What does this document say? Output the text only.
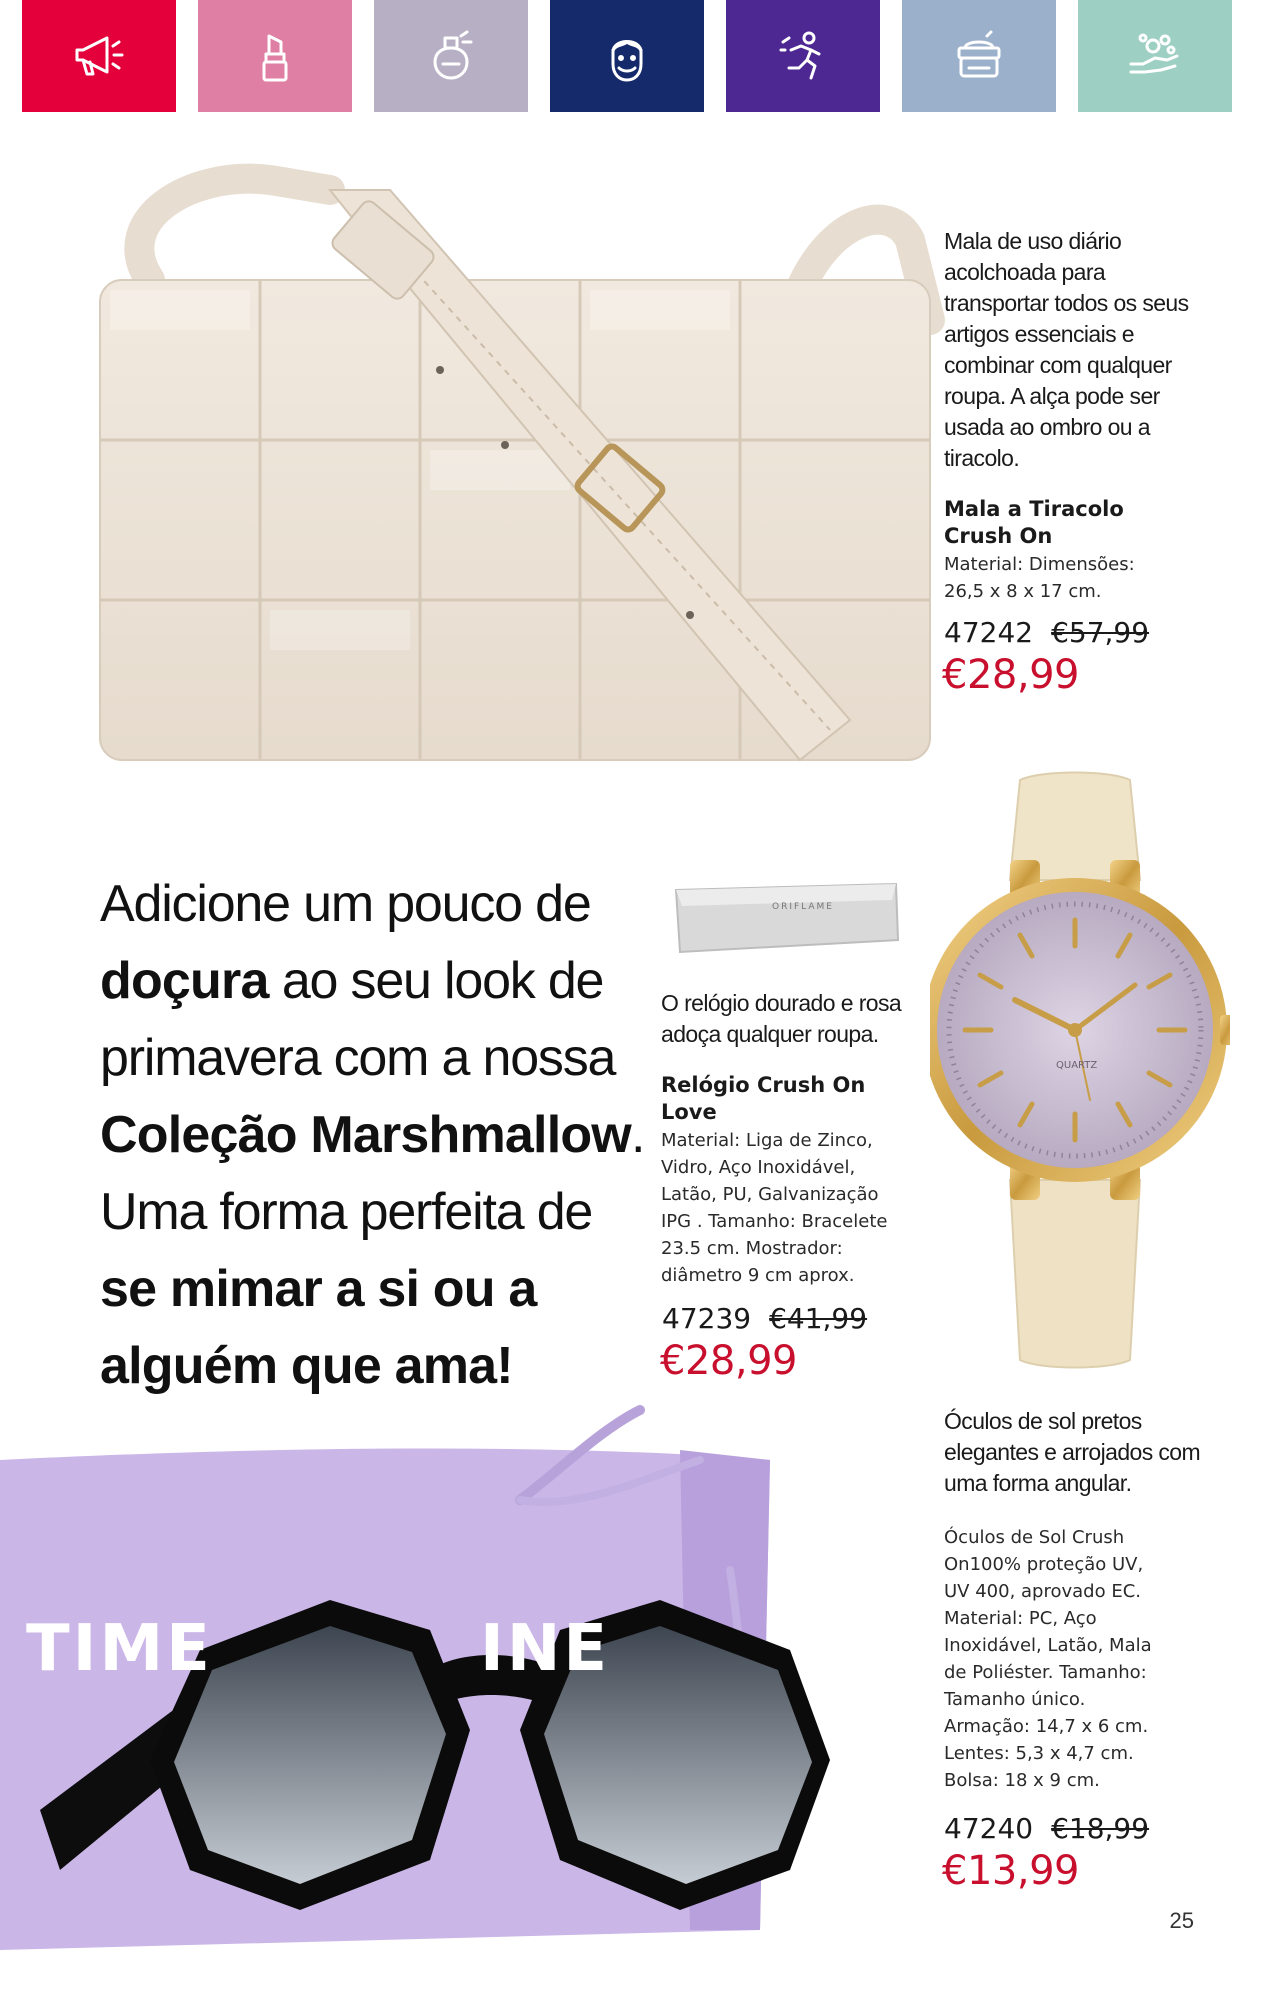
Mala de uso diário
acolchoada para
transportar todos os seus
artigos essenciais e
combinar com qualquer
roupa. A alça pode ser
usada ao ombro ou a
tiracolo.
Mala a Tiracolo
Crush On
Material: Dimensões:
26,5 x 8 x 17 cm.
47242 €57,99
€28,99
Adicione um pouco de
doçura ao seu look de
primavera com a nossa
Coleção Marshmallow.
Uma forma perfeita de
se mimar a si ou a
alguém que ama!
ORIFLAME
QUARTZ
O relógio dourado e rosa
adoça qualquer roupa.
Relógio Crush On
Love
Material: Liga de Zinco,
Vidro, Aço Inoxidável,
Latão, PU, Galvanização
IPG . Tamanho: Bracelete
23.5 cm. Mostrador:
diâmetro 9 cm aprox.
47239 €41,99
€28,99
TIME	INE
Óculos de sol pretos
elegantes e arrojados com
uma forma angular.
Óculos de Sol Crush
On100% proteção UV,
UV 400, aprovado EC.
Material: PC, Aço
Inoxidável, Latão, Mala
de Poliéster. Tamanho:
Tamanho único.
Armação: 14,7 x 6 cm.
Lentes: 5,3 x 4,7 cm.
Bolsa: 18 x 9 cm.
47240 €18,99
€13,99
25
